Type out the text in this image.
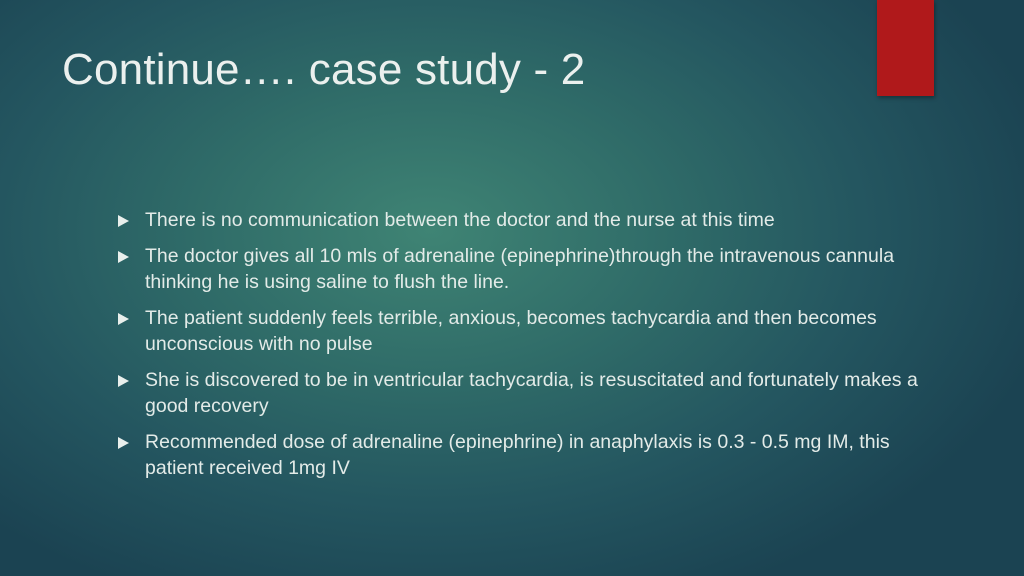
Continue…. case study - 2
There is no communication between the doctor and the nurse at this time
The doctor gives all 10 mls of adrenaline (epinephrine)through the intravenous cannula thinking he is using saline to flush the line.
The patient suddenly feels terrible, anxious, becomes tachycardia and then becomes unconscious with no pulse
She is discovered to be in ventricular tachycardia, is resuscitated and fortunately makes a good recovery
Recommended dose of adrenaline (epinephrine) in anaphylaxis is 0.3 - 0.5 mg IM, this patient received 1mg IV
